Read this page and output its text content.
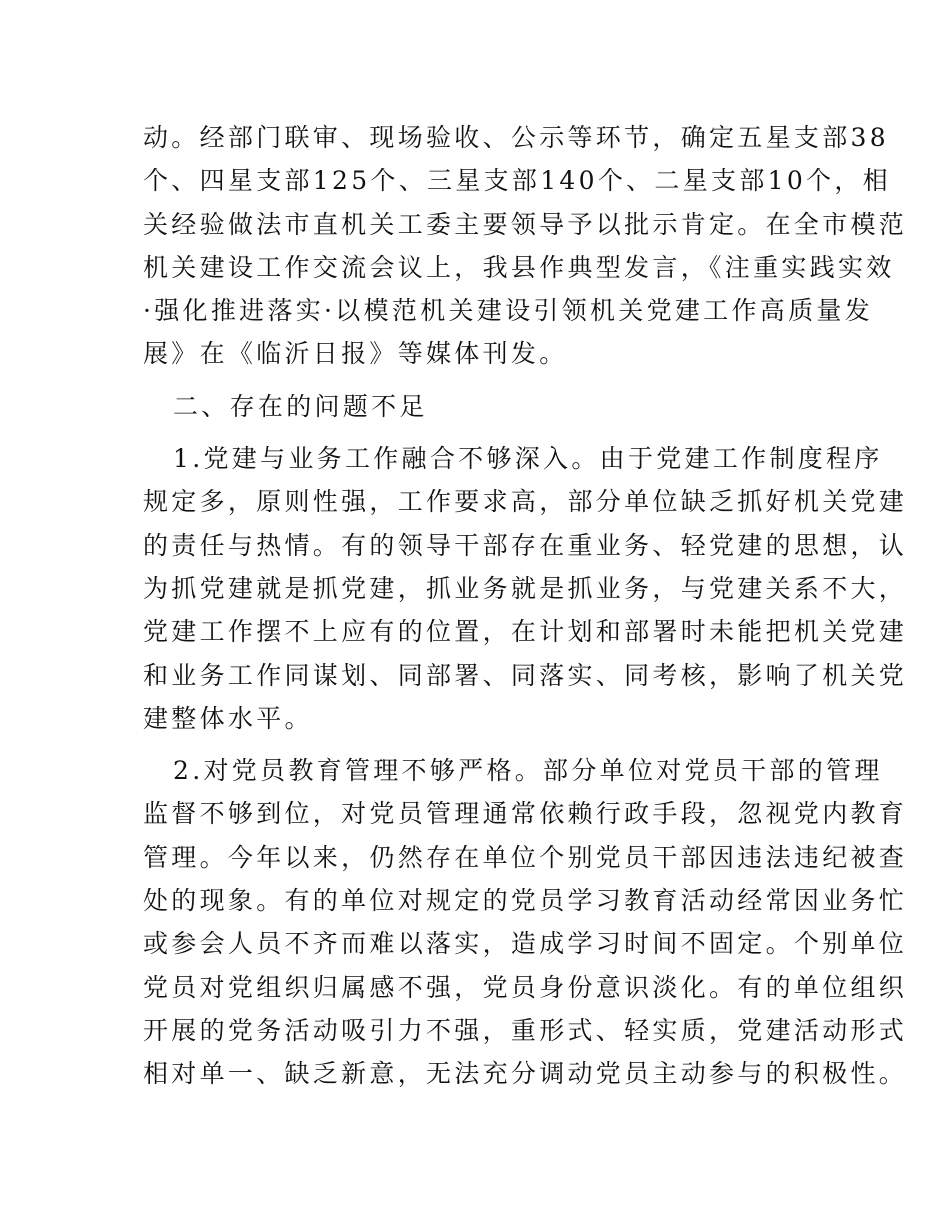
动。经部门联审、现场验收、公示等环节，确定五星支部38
个、四星支部125个、三星支部140个、二星支部10个，相
关经验做法市直机关工委主要领导予以批示肯定。在全市模范
机关建设工作交流会议上，我县作典型发言，《注重实践实效
·强化推进落实·以模范机关建设引领机关党建工作高质量发
展》在《临沂日报》等媒体刊发。
二、存在的问题不足
1.党建与业务工作融合不够深入。由于党建工作制度程序
规定多，原则性强，工作要求高，部分单位缺乏抓好机关党建
的责任与热情。有的领导干部存在重业务、轻党建的思想，认
为抓党建就是抓党建，抓业务就是抓业务，与党建关系不大，
党建工作摆不上应有的位置，在计划和部署时未能把机关党建
和业务工作同谋划、同部署、同落实、同考核，影响了机关党
建整体水平。
2.对党员教育管理不够严格。部分单位对党员干部的管理
监督不够到位，对党员管理通常依赖行政手段，忽视党内教育
管理。今年以来，仍然存在单位个别党员干部因违法违纪被查
处的现象。有的单位对规定的党员学习教育活动经常因业务忙
或参会人员不齐而难以落实，造成学习时间不固定。个别单位
党员对党组织归属感不强，党员身份意识淡化。有的单位组织
开展的党务活动吸引力不强，重形式、轻实质，党建活动形式
相对单一、缺乏新意，无法充分调动党员主动参与的积极性。
